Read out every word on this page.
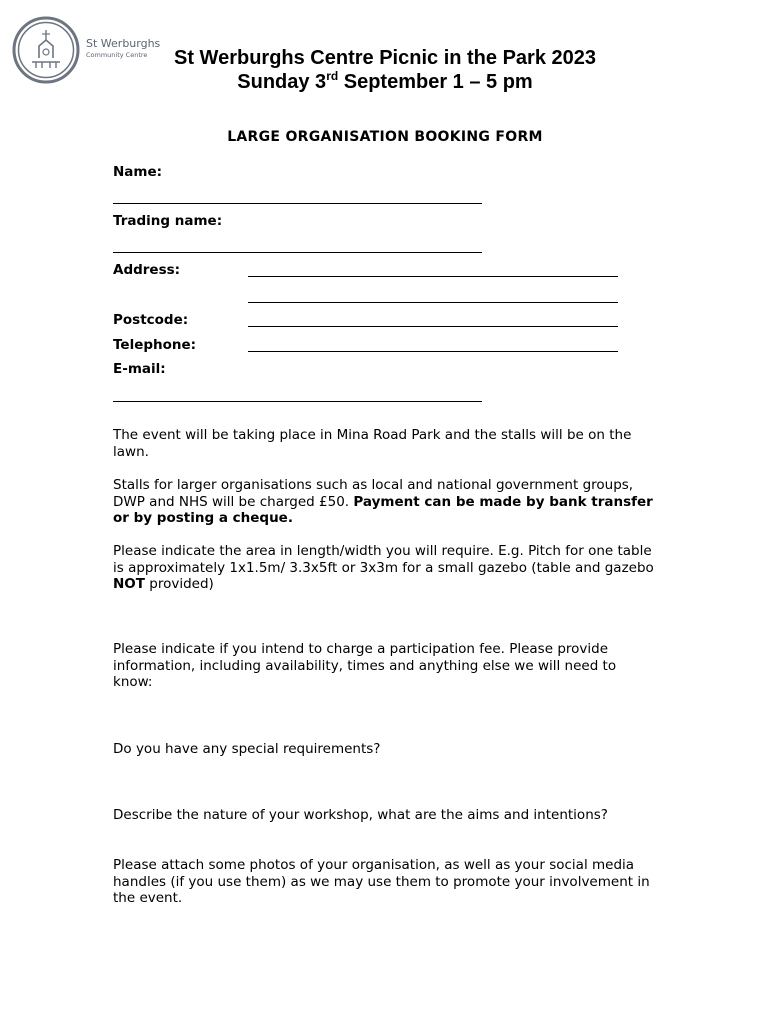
St Werburghs
Community Centre	St Werburghs Centre Picnic in the Park 2023
Sunday 3rd September 1 – 5 pm
LARGE ORGANISATION BOOKING FORM
Name:
Trading name:
Address:
Postcode:
Telephone:
E-mail:
The event will be taking place in Mina Road Park and the stalls will be on the lawn.
Stalls for larger organisations such as local and national government groups, DWP and NHS will be charged £50. Payment can be made by bank transfer or by posting a cheque.
Please indicate the area in length/width you will require. E.g. Pitch for one table is approximately 1x1.5m/ 3.3x5ft or 3x3m for a small gazebo (table and gazebo NOT provided)
Please indicate if you intend to charge a participation fee. Please provide information, including availability, times and anything else we will need to know:
Do you have any special requirements?
Describe the nature of your workshop, what are the aims and intentions?
Please attach some photos of your organisation, as well as your social media handles (if you use them) as we may use them to promote your involvement in the event.
